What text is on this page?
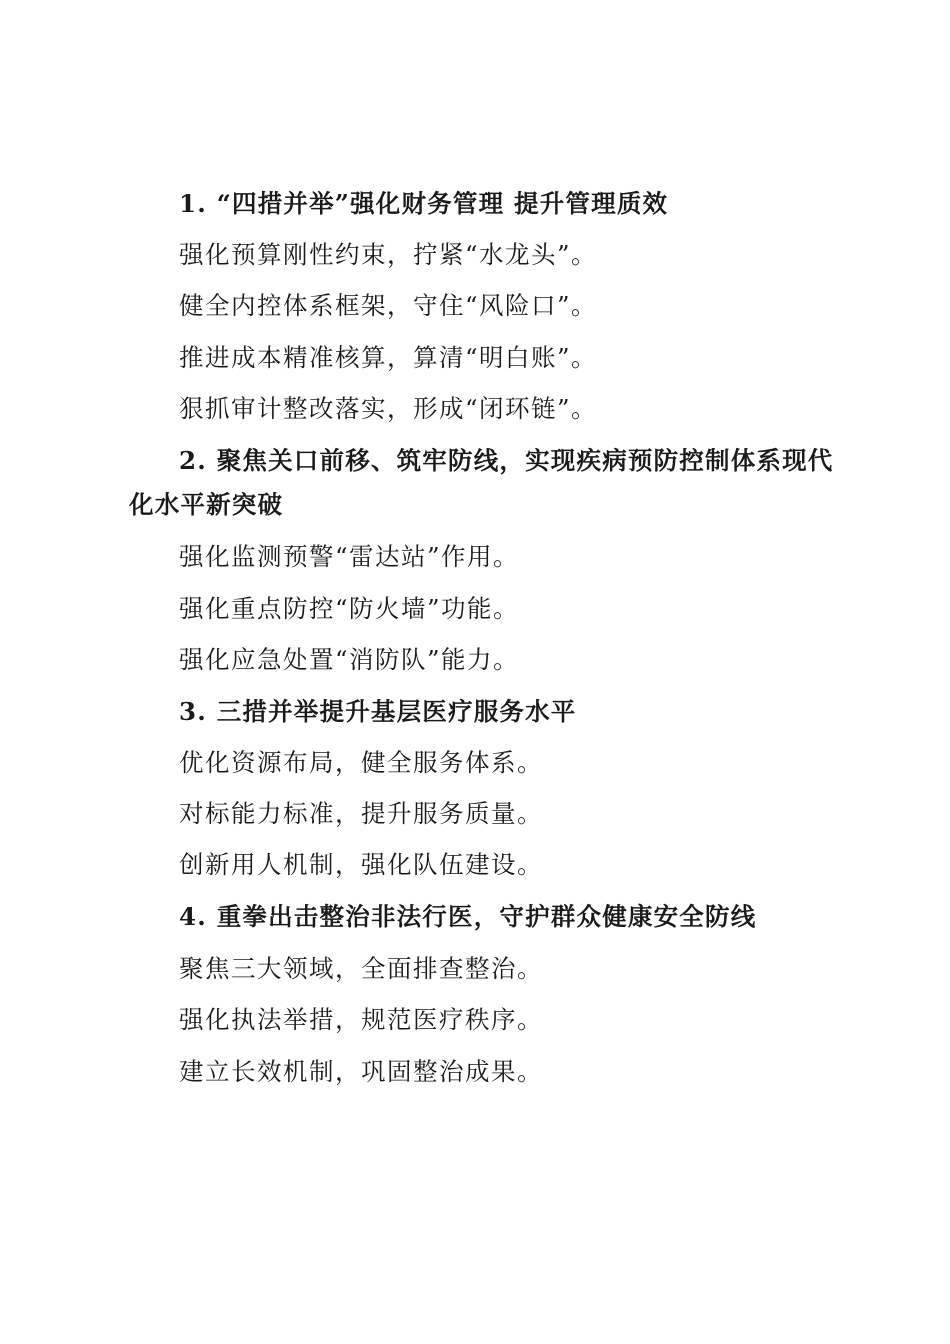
1. “四措并举”强化财务管理 提升管理质效
强化预算刚性约束，拧紧“水龙头”。
健全内控体系框架，守住“风险口”。
推进成本精准核算，算清“明白账”。
狠抓审计整改落实，形成“闭环链”。
2. 聚焦关口前移、筑牢防线，实现疾病预防控制体系现代化水平新突破
强化监测预警“雷达站”作用。
强化重点防控“防火墙”功能。
强化应急处置“消防队”能力。
3. 三措并举提升基层医疗服务水平
优化资源布局，健全服务体系。
对标能力标准，提升服务质量。
创新用人机制，强化队伍建设。
4. 重拳出击整治非法行医，守护群众健康安全防线
聚焦三大领域，全面排查整治。
强化执法举措，规范医疗秩序。
建立长效机制，巩固整治成果。
